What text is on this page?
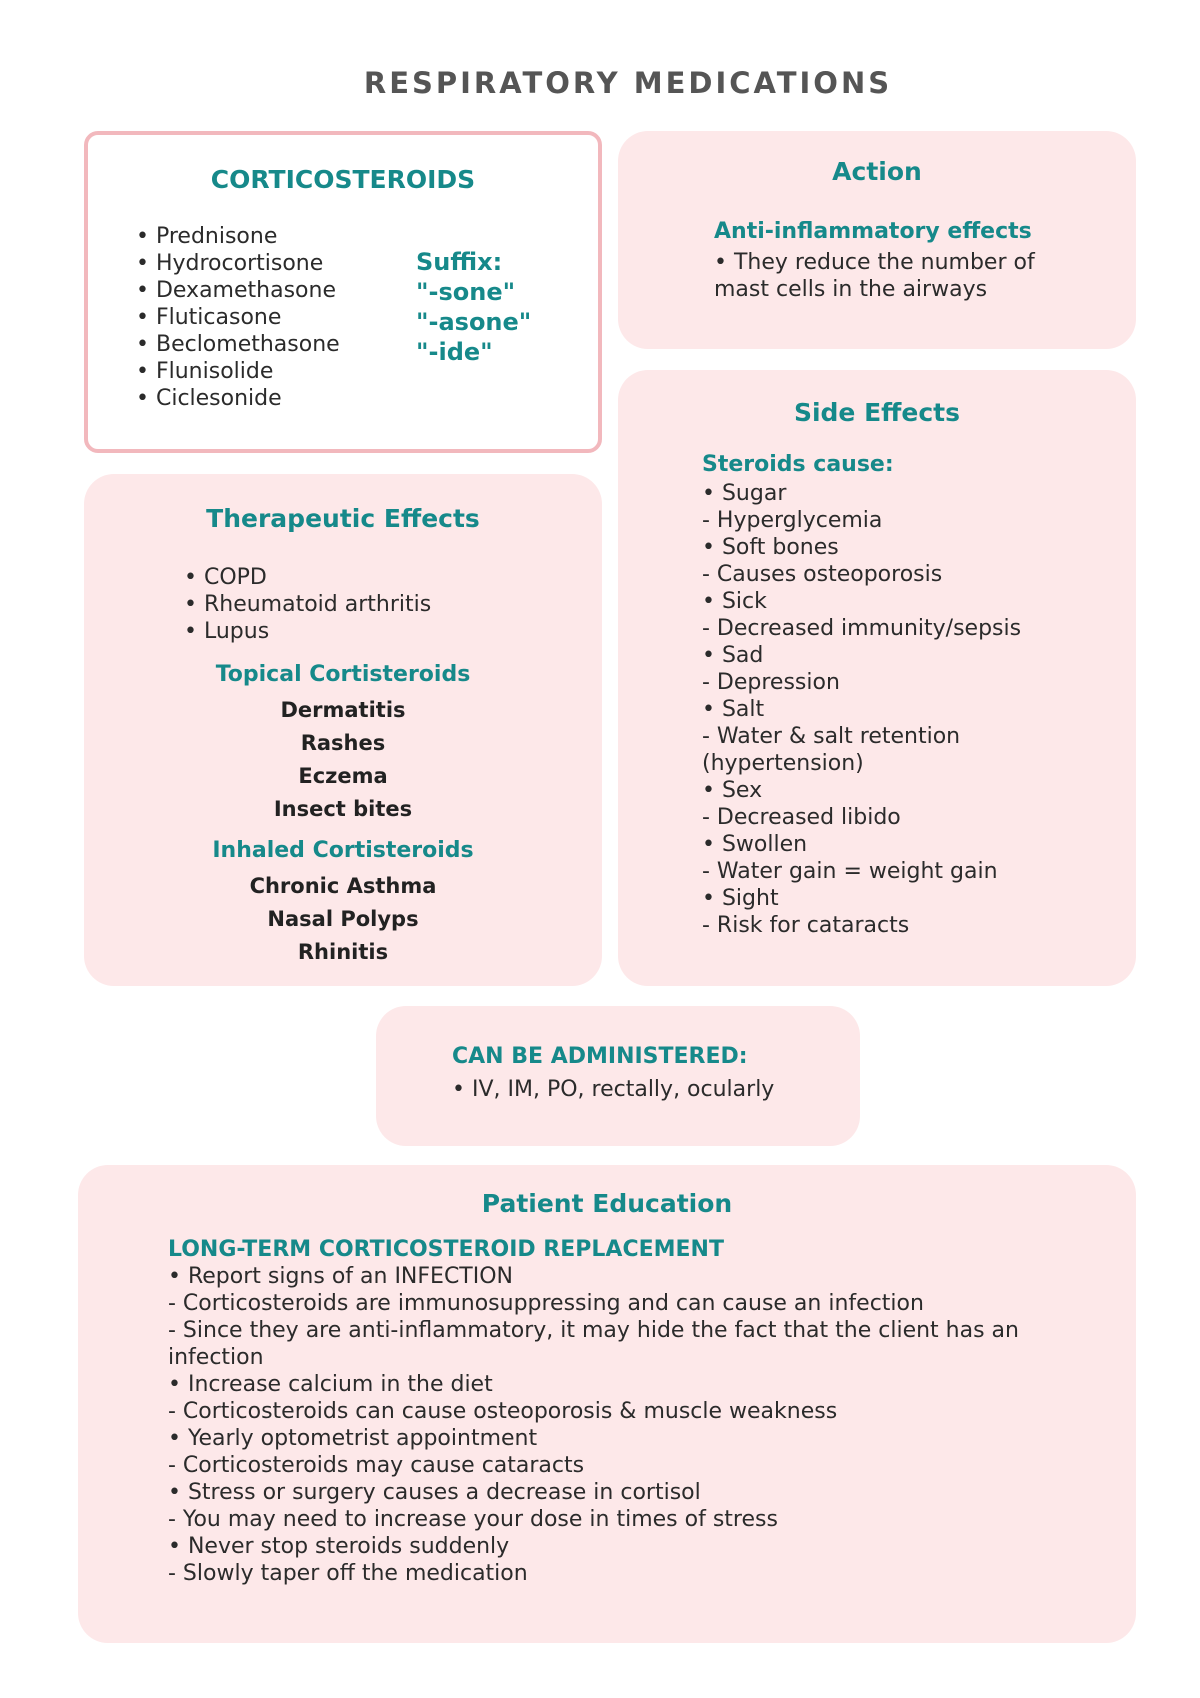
RESPIRATORY MEDICATIONS
CORTICOSTEROIDS
• Prednisone
• Hydrocortisone
• Dexamethasone
• Fluticasone
• Beclomethasone
• Flunisolide
• Ciclesonide
Suffix:
"-sone"
"-asone"
"-ide"
Action
Anti-inflammatory effects
• They reduce the number of mast cells in the airways
Therapeutic Effects
• COPD
• Rheumatoid arthritis
• Lupus
Topical Cortisteroids
Dermatitis
Rashes
Eczema
Insect bites
Inhaled Cortisteroids
Chronic Asthma
Nasal Polyps
Rhinitis
Side Effects
Steroids cause:
• Sugar
- Hyperglycemia
• Soft bones
- Causes osteoporosis
• Sick
- Decreased immunity/sepsis
• Sad
- Depression
• Salt
- Water & salt retention
(hypertension)
• Sex
- Decreased libido
• Swollen
- Water gain = weight gain
• Sight
- Risk for cataracts
CAN BE ADMINISTERED:
• IV, IM, PO, rectally, ocularly
Patient Education
LONG-TERM CORTICOSTEROID REPLACEMENT
• Report signs of an INFECTION
- Corticosteroids are immunosuppressing and can cause an infection
- Since they are anti-inflammatory, it may hide the fact that the client has an infection
• Increase calcium in the diet
- Corticosteroids can cause osteoporosis & muscle weakness
• Yearly optometrist appointment
- Corticosteroids may cause cataracts
• Stress or surgery causes a decrease in cortisol
- You may need to increase your dose in times of stress
• Never stop steroids suddenly
- Slowly taper off the medication
